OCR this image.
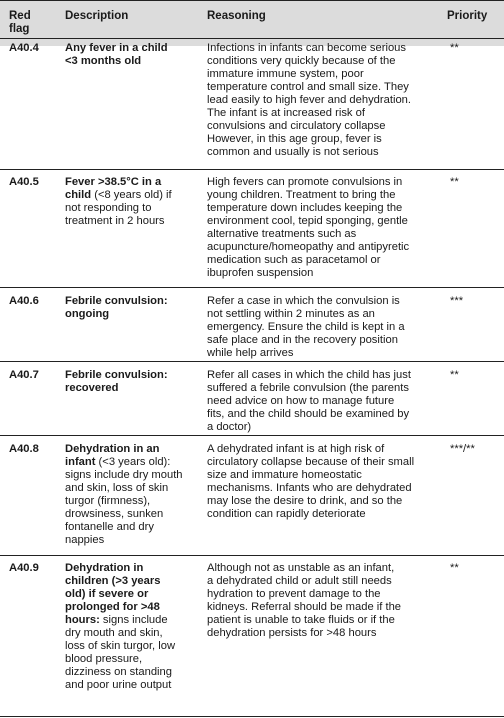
Red
flag
Description	Reasoning	Priority
A40.4 Any fever in a child
<3 months old
Infections in infants can become serious
conditions very quickly because of the
immature immune system, poor
temperature control and small size. They
lead easily to high fever and dehydration.
The infant is at increased risk of
convulsions and circulatory collapse
However, in this age group, fever is
common and usually is not serious
**
A40.5 Fever >38.5°C in a
child (<8 years old) if
not responding to
treatment in 2 hours
High fevers can promote convulsions in
young children. Treatment to bring the
temperature down includes keeping the
environment cool, tepid sponging, gentle
alternative treatments such as
acupuncture/homeopathy and antipyretic
medication such as paracetamol or
ibuprofen suspension
**
A40.6 Febrile convulsion:
ongoing
Refer a case in which the convulsion is
not settling within 2 minutes as an
emergency. Ensure the child is kept in a
safe place and in the recovery position
while help arrives
***
A40.7 Febrile convulsion:
recovered
Refer all cases in which the child has just
suffered a febrile convulsion (the parents
need advice on how to manage future
fits, and the child should be examined by
a doctor)
**
A40.8 Dehydration in an
infant (<3 years old):
signs include dry mouth
and skin, loss of skin
turgor (firmness),
drowsiness, sunken
fontanelle and dry
nappies
A dehydrated infant is at high risk of
circulatory collapse because of their small
size and immature homeostatic
mechanisms. Infants who are dehydrated
may lose the desire to drink, and so the
condition can rapidly deteriorate
***/**
A40.9 Dehydration in
children (>3 years
old) if severe or
prolonged for >48
hours: signs include
dry mouth and skin,
loss of skin turgor, low
blood pressure,
dizziness on standing
and poor urine output
Although not as unstable as an infant,
a dehydrated child or adult still needs
hydration to prevent damage to the
kidneys. Referral should be made if the
patient is unable to take fluids or if the
dehydration persists for >48 hours
**
